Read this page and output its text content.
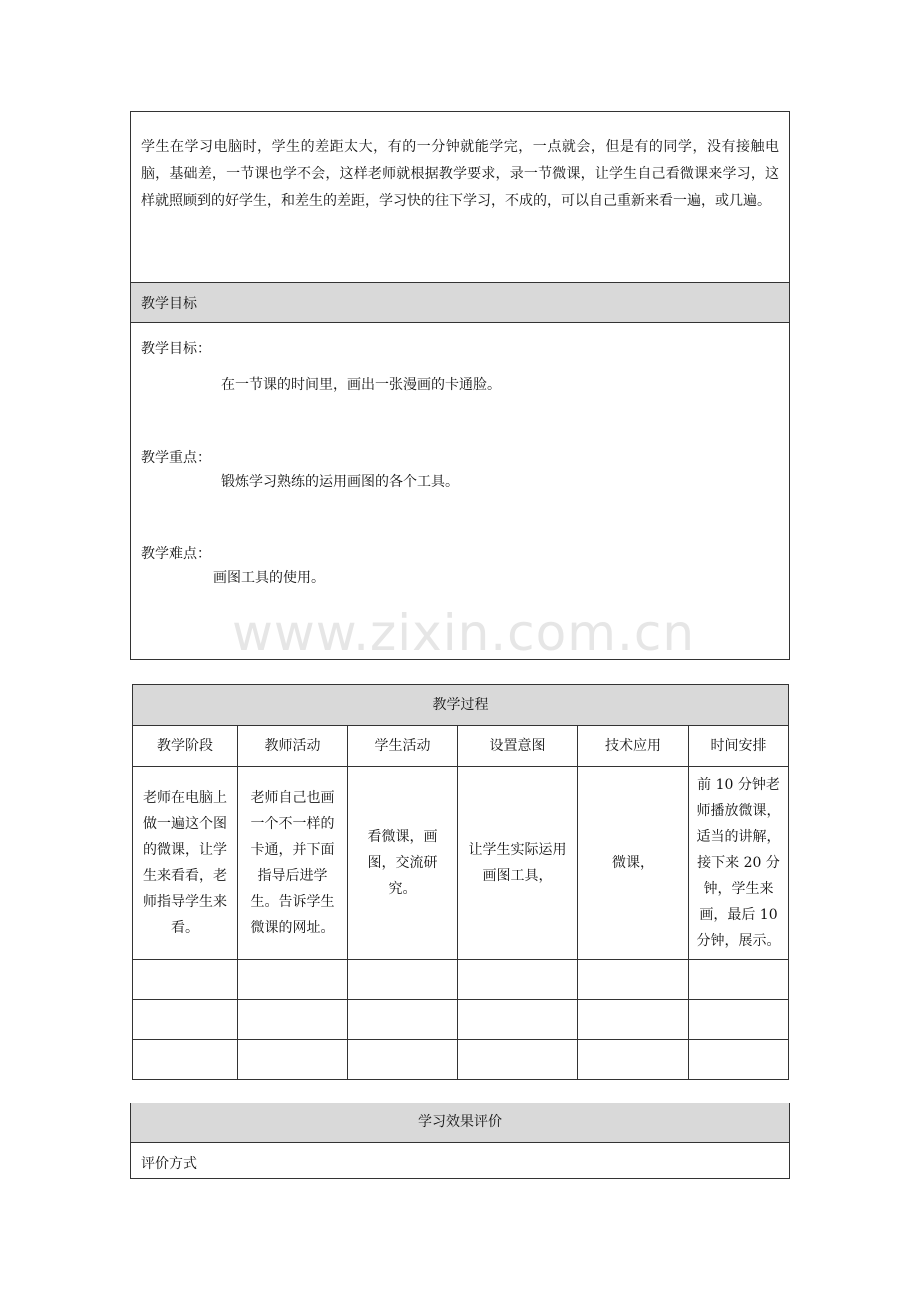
学生在学习电脑时，学生的差距太大，有的一分钟就能学完，一点就会，但是有的同学，没有接触电脑，基础差，一节课也学不会，这样老师就根据教学要求，录一节微课，让学生自己看微课来学习，这样就照顾到的好学生，和差生的差距，学习快的往下学习，不成的，可以自己重新来看一遍，或几遍。
教学目标
教学目标：
在一节课的时间里，画出一张漫画的卡通脸。
教学重点：
锻炼学习熟练的运用画图的各个工具。
教学难点：
画图工具的使用。
www.zixin.com.cn
教学过程					
教学阶段	教师活动	学生活动	设置意图	技术应用	时间安排
老师在电脑上做一遍这个图的微课，让学生来看看，老师指导学生来看。	老师自己也画一个不一样的卡通，并下面指导后进学生。告诉学生微课的网址。	看微课，画图，交流研究。	让学生实际运用画图工具，	微课，	前 10 分钟老师播放微课，适当的讲解，接下来 20 分钟，学生来画，最后 10 分钟，展示。

学习效果评价
评价方式
